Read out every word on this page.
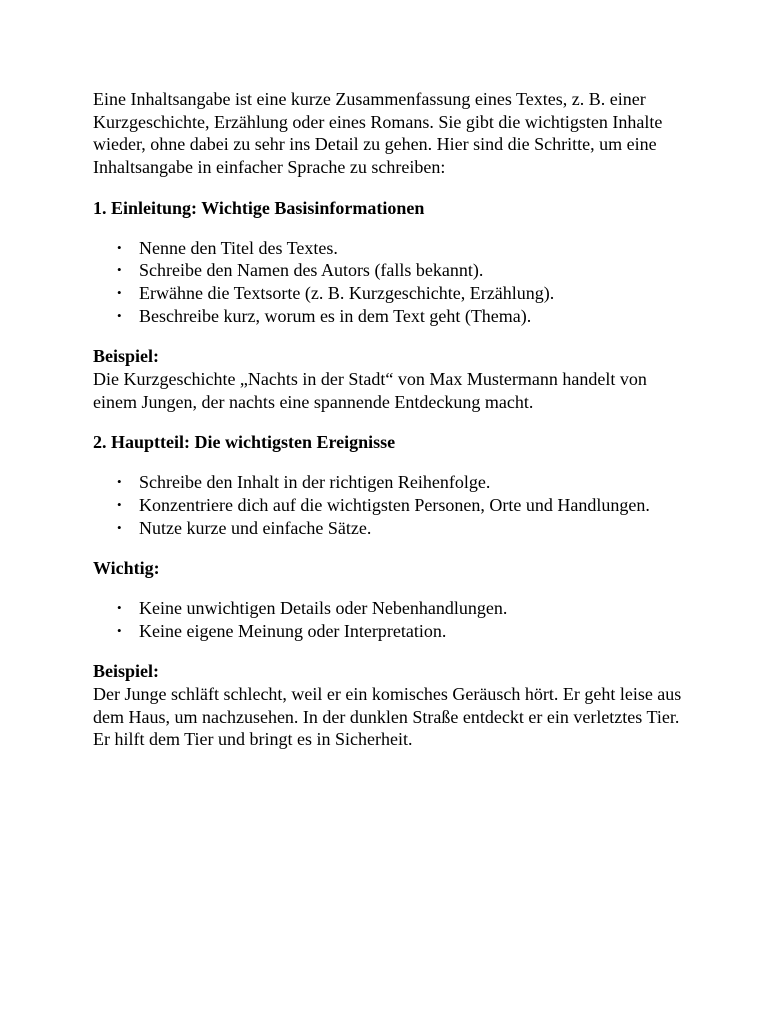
Eine Inhaltsangabe ist eine kurze Zusammenfassung eines Textes, z. B. einer Kurzgeschichte, Erzählung oder eines Romans. Sie gibt die wichtigsten Inhalte wieder, ohne dabei zu sehr ins Detail zu gehen. Hier sind die Schritte, um eine Inhaltsangabe in einfacher Sprache zu schreiben:

1. Einleitung: Wichtige Basisinformationen

• Nenne den Titel des Textes.
• Schreibe den Namen des Autors (falls bekannt).
• Erwähne die Textsorte (z. B. Kurzgeschichte, Erzählung).
• Beschreibe kurz, worum es in dem Text geht (Thema).

Beispiel:

Die Kurzgeschichte „Nachts in der Stadt“ von Max Mustermann handelt von einem Jungen, der nachts eine spannende Entdeckung macht.

2. Hauptteil: Die wichtigsten Ereignisse

• Schreibe den Inhalt in der richtigen Reihenfolge.
• Konzentriere dich auf die wichtigsten Personen, Orte und Handlungen.
• Nutze kurze und einfache Sätze.

Wichtig:

• Keine unwichtigen Details oder Nebenhandlungen.
• Keine eigene Meinung oder Interpretation.

Beispiel:

Der Junge schläft schlecht, weil er ein komisches Geräusch hört. Er geht leise aus dem Haus, um nachzusehen. In der dunklen Straße entdeckt er ein verletztes Tier. Er hilft dem Tier und bringt es in Sicherheit.
